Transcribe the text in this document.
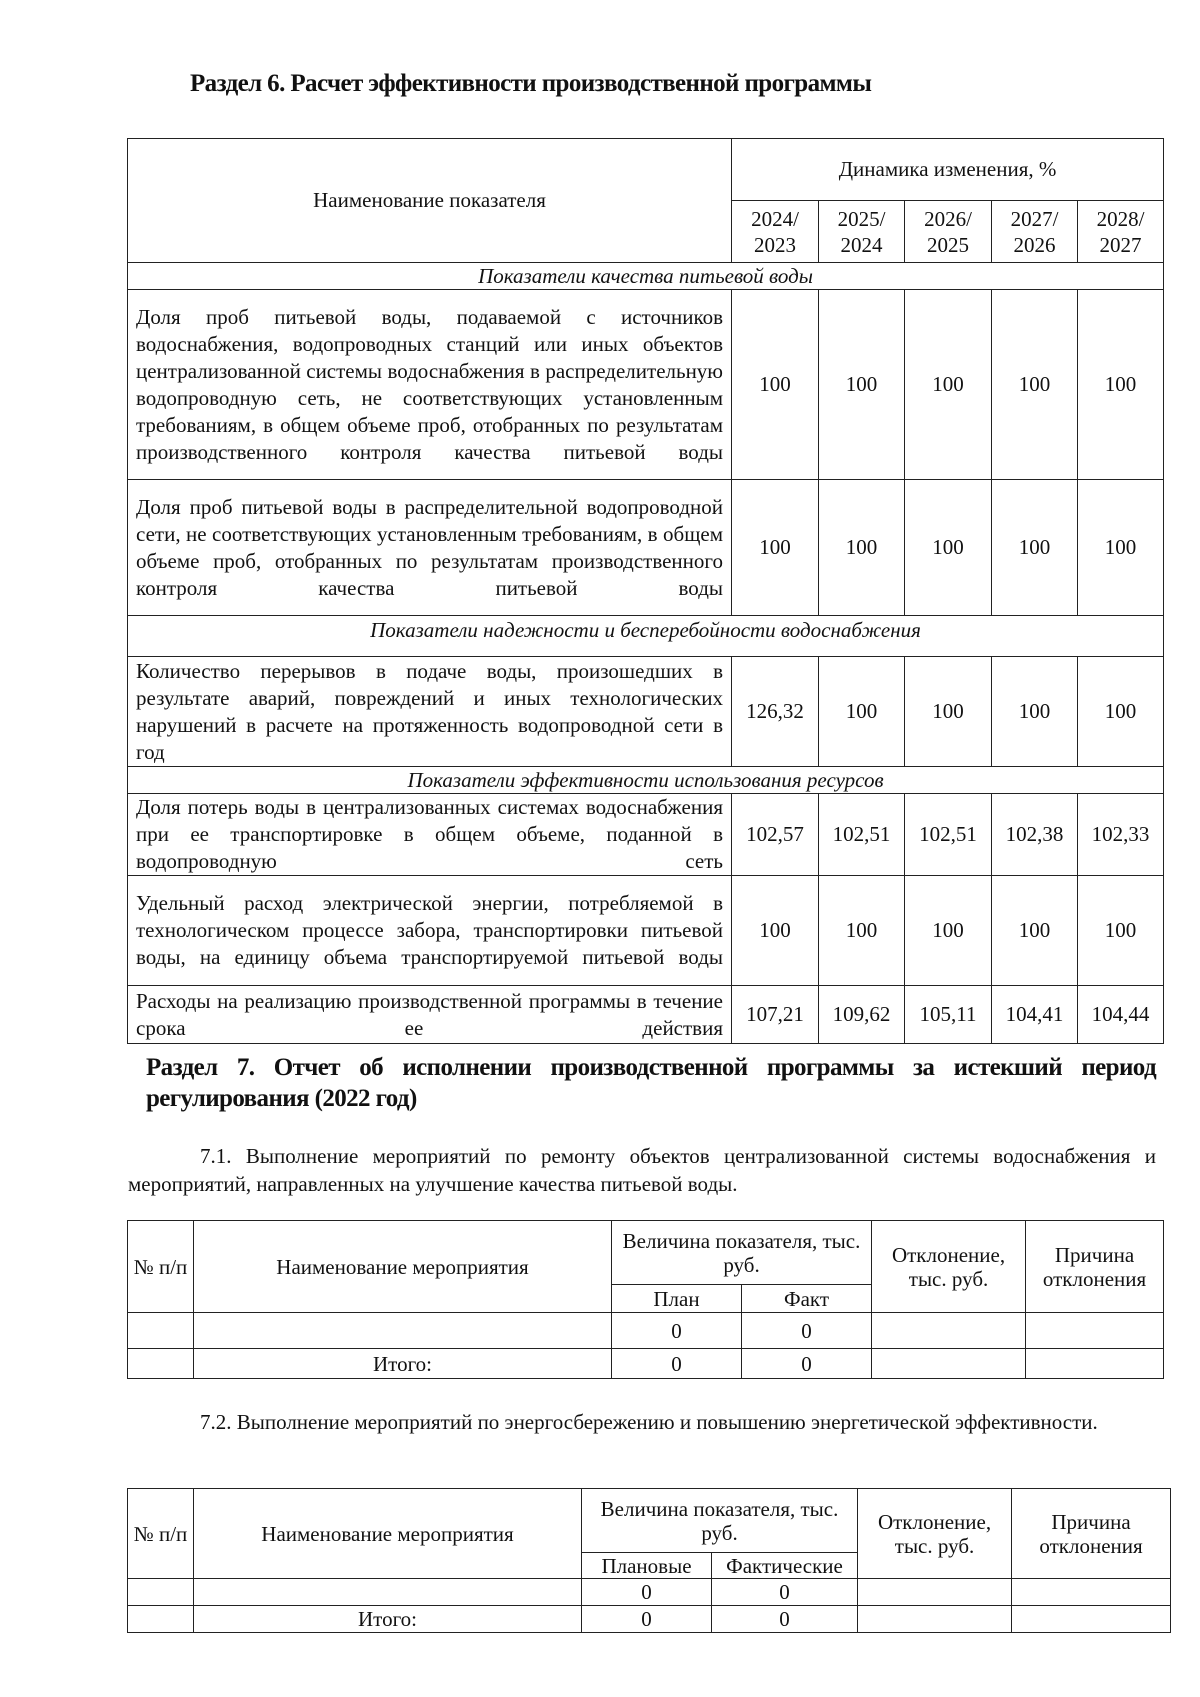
Раздел 6. Расчет эффективности производственной программы
Наименование показателя	Динамика изменения, %				
	2024/ 2023	2025/ 2024	2026/ 2025	2027/ 2026	2028/ 2027
Показатели качества питьевой воды					
Доля проб питьевой воды, подаваемой с источников водоснабжения, водопроводных станций или иных объектов централизованной системы водоснабжения в распределительную водопроводную сеть, не соответствующих установленным требованиям, в общем объеме проб, отобранных по результатам производственного контроля качества питьевой воды	100	100	100	100	100
Доля проб питьевой воды в распределительной водопроводной сети, не соответствующих установленным требованиям, в общем объеме проб, отобранных по результатам производственного контроля качества питьевой воды	100	100	100	100	100
Показатели надежности и бесперебойности водоснабжения					
Количество перерывов в подаче воды, произошедших в результате аварий, повреждений и иных технологических нарушений в расчете на протяженность водопроводной сети в год	126,32	100	100	100	100
Показатели эффективности использования ресурсов					
Доля потерь воды в централизованных системах водоснабжения при ее транспортировке в общем объеме, поданной в водопроводную сеть	102,57	102,51	102,51	102,38	102,33
Удельный расход электрической энергии, потребляемой в технологическом процессе забора, транспортировки питьевой воды, на единицу объема транспортируемой питьевой воды	100	100	100	100	100
Расходы на реализацию производственной программы в течение срока ее действия	107,21	109,62	105,11	104,41	104,44
Раздел 7. Отчет об исполнении производственной программы за истекший период регулирования (2022 год)
7.1. Выполнение мероприятий по ремонту объектов централизованной системы водоснабжения и мероприятий, направленных на улучшение качества питьевой воды.
№ п/п	Наименование мероприятия	Величина показателя, тыс. руб.		Отклонение, тыс. руб.	Причина отклонения
		План	Факт		
		0	0		
	Итого:	0	0		
7.2. Выполнение мероприятий по энергосбережению и повышению энергетической эффективности.
№ п/п	Наименование мероприятия	Величина показателя, тыс. руб.		Отклонение, тыс. руб.	Причина отклонения
		Плановые	Фактические		
		0	0		
	Итого:	0	0		
